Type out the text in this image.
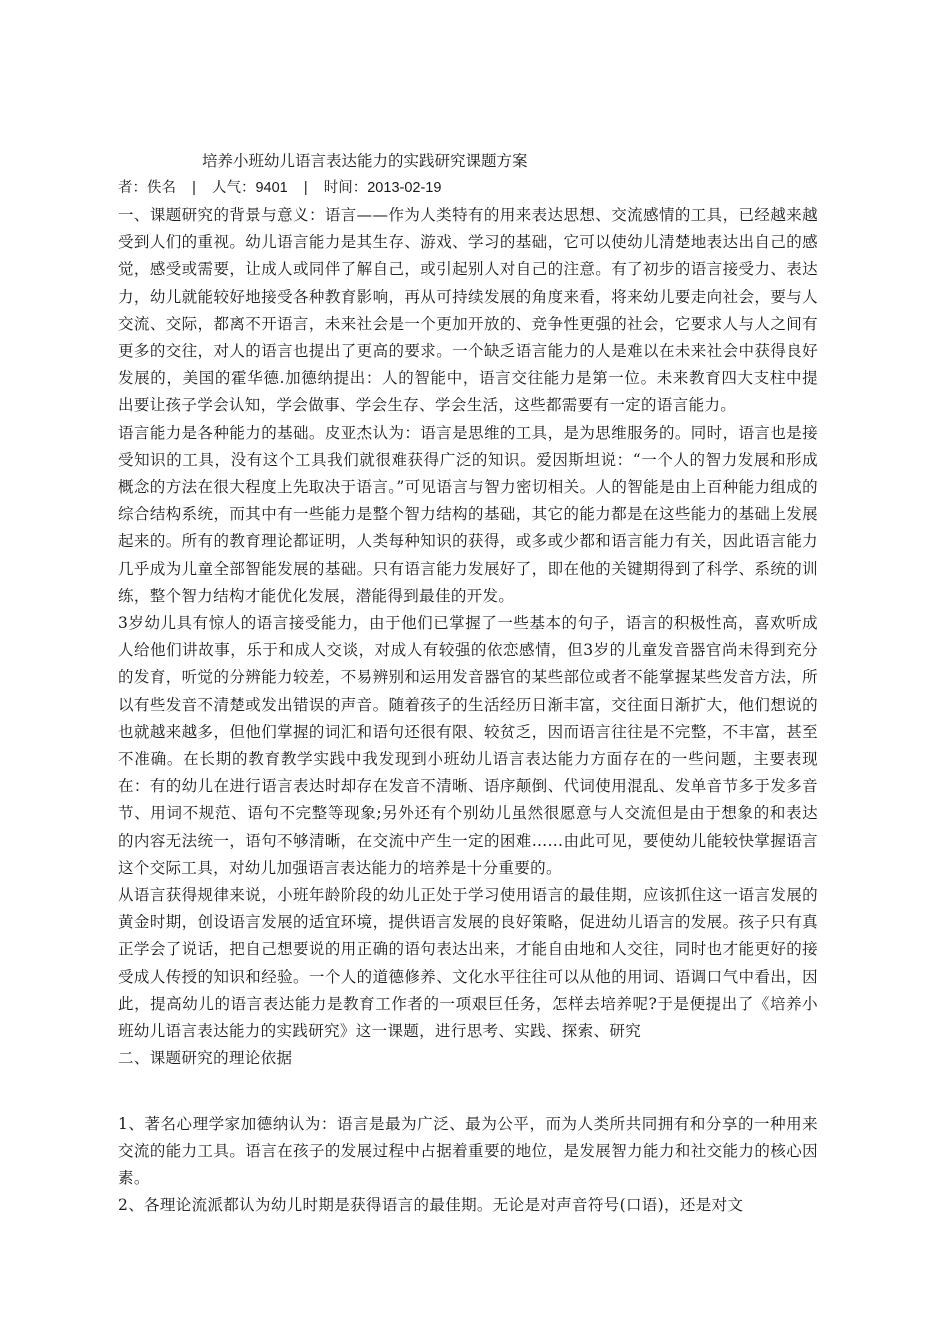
培养小班幼儿语言表达能力的实践研究课题方案
者：佚名    |    人气：9401    |    时间：2013-02-19

一、课题研究的背景与意义：语言——作为人类特有的用来表达思想、交流感情的工具，已经越来越受到人们的重视。幼儿语言能力是其生存、游戏、学习的基础，它可以使幼儿清楚地表达出自己的感觉，感受或需要，让成人或同伴了解自己，或引起别人对自己的注意。有了初步的语言接受力、表达力，幼儿就能较好地接受各种教育影响，再从可持续发展的角度来看，将来幼儿要走向社会，要与人交流、交际，都离不开语言，未来社会是一个更加开放的、竞争性更强的社会，它要求人与人之间有更多的交往，对人的语言也提出了更高的要求。一个缺乏语言能力的人是难以在未来社会中获得良好发展的，美国的霍华德.加德纳提出：人的智能中，语言交往能力是第一位。未来教育四大支柱中提出要让孩子学会认知，学会做事、学会生存、学会生活，这些都需要有一定的语言能力。

语言能力是各种能力的基础。皮亚杰认为：语言是思维的工具，是为思维服务的。同时，语言也是接受知识的工具，没有这个工具我们就很难获得广泛的知识。爱因斯坦说：“一个人的智力发展和形成概念的方法在很大程度上先取决于语言。”可见语言与智力密切相关。人的智能是由上百种能力组成的综合结构系统，而其中有一些能力是整个智力结构的基础，其它的能力都是在这些能力的基础上发展起来的。所有的教育理论都证明，人类每种知识的获得，或多或少都和语言能力有关，因此语言能力几乎成为儿童全部智能发展的基础。只有语言能力发展好了，即在他的关键期得到了科学、系统的训练，整个智力结构才能优化发展，潜能得到最佳的开发。

3岁幼儿具有惊人的语言接受能力，由于他们已掌握了一些基本的句子，语言的积极性高，喜欢听成人给他们讲故事，乐于和成人交谈，对成人有较强的依恋感情，但3岁的儿童发音器官尚未得到充分的发育，听觉的分辨能力较差，不易辨别和运用发音器官的某些部位或者不能掌握某些发音方法，所以有些发音不清楚或发出错误的声音。随着孩子的生活经历日渐丰富，交往面日渐扩大，他们想说的也就越来越多，但他们掌握的词汇和语句还很有限、较贫乏，因而语言往往是不完整，不丰富，甚至不准确。在长期的教育教学实践中我发现到小班幼儿语言表达能力方面存在的一些问题，主要表现在：有的幼儿在进行语言表达时却存在发音不清晰、语序颠倒、代词使用混乱、发单音节多于发多音节、用词不规范、语句不完整等现象;另外还有个别幼儿虽然很愿意与人交流但是由于想象的和表达的内容无法统一，语句不够清晰，在交流中产生一定的困难……由此可见，要使幼儿能较快掌握语言这个交际工具，对幼儿加强语言表达能力的培养是十分重要的。

从语言获得规律来说，小班年龄阶段的幼儿正处于学习使用语言的最佳期，应该抓住这一语言发展的黄金时期，创设语言发展的适宜环境，提供语言发展的良好策略，促进幼儿语言的发展。孩子只有真正学会了说话，把自己想要说的用正确的语句表达出来，才能自由地和人交往，同时也才能更好的接受成人传授的知识和经验。一个人的道德修养、文化水平往往可以从他的用词、语调口气中看出，因此，提高幼儿的语言表达能力是教育工作者的一项艰巨任务，怎样去培养呢?于是便提出了《培养小班幼儿语言表达能力的实践研究》这一课题，进行思考、实践、探索、研究

二、课题研究的理论依据

1、著名心理学家加德纳认为：语言是最为广泛、最为公平，而为人类所共同拥有和分享的一种用来交流的能力工具。语言在孩子的发展过程中占据着重要的地位，是发展智力能力和社交能力的核心因素。

2、各理论流派都认为幼儿时期是获得语言的最佳期。无论是对声音符号(口语)，还是对文
